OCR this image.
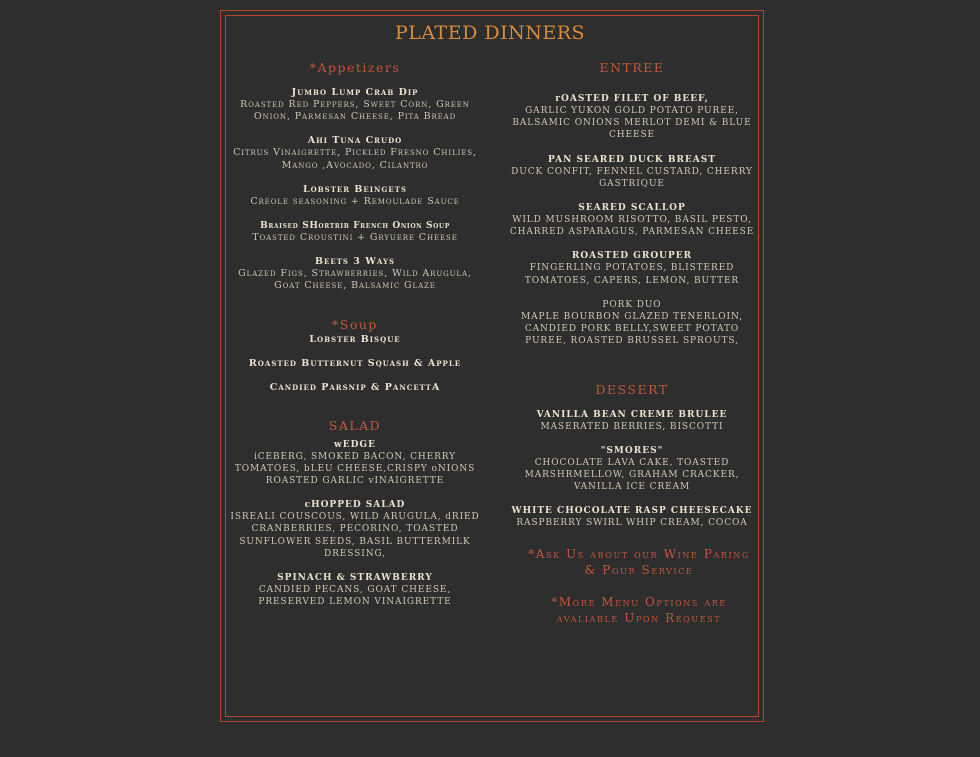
PLATED DINNERS
*Appetizers
Jumbo Lump Crab Dip
Roasted Red Peppers, Sweet Corn, Green Onion, Parmesan Cheese, Pita Bread
Ahi Tuna Crudo
Citrus Vinaigrette, Pickled Fresno Chilies, Mango ,Avocado, Cilantro
Lobster Beingets
Creole seasoning + Remoulade Sauce
Braised SHortrib French Onion Soup
Toasted Croustini + Gryuere Cheese
Beets 3 Ways
Glazed Figs, Strawberries, Wild Arugula, Goat Cheese, Balsamic Glaze
*Soup
Lobster Bisque
Roasted Butternut Squash & Apple
Candied Parsnip & PancettA
SALAD
wEDGE
iCEBERG, SMOKED BACON, CHERRY TOMATOES, bLEU CHEESE,CRISPY oNIONS ROASTED GARLIC vINAIGRETTE
cHOPPED SALAD
ISREALI COUSCOUS, WILD ARUGULA, dRIED CRANBERRIES, PECORINO, TOASTED SUNFLOWER SEEDS, BASIL BUTTERMILK DRESSING,
SPINACH & STRAWBERRY
CANDIED PECANS, GOAT CHEESE, PRESERVED LEMON VINAIGRETTE
ENTREE
rOASTED FILET OF BEEF,
GARLIC YUKON GOLD POTATO PUREE, BALSAMIC ONIONS MERLOT DEMI & BLUE CHEESE
PAN SEARED DUCK BREAST
DUCK CONFIT, FENNEL CUSTARD, CHERRY GASTRIQUE
SEARED SCALLOP
WILD MUSHROOM RISOTTO, BASIL PESTO, CHARRED ASPARAGUS, PARMESAN CHEESE
ROASTED GROUPER
FINGERLING POTATOES, BLISTERED TOMATOES, CAPERS, LEMON, BUTTER
PORK DUO
MAPLE BOURBON GLAZED TENERLOIN, CANDIED PORK BELLY,SWEET POTATO PUREE, ROASTED BRUSSEL SPROUTS,
DESSERT
VANILLA BEAN CREME BRULEE
MASERATED BERRIES, BISCOTTI
"SMORES"
CHOCOLATE LAVA CAKE, TOASTED MARSHRMELLOW, GRAHAM CRACKER, VANILLA ICE CREAM
WHITE CHOCOLATE RASP CHEESECAKE
RASPBERRY SWIRL WHIP CREAM, COCOA
*Ask Us about our Wine Paring & Pour Service
*More Menu Options are avaliable Upon Request
